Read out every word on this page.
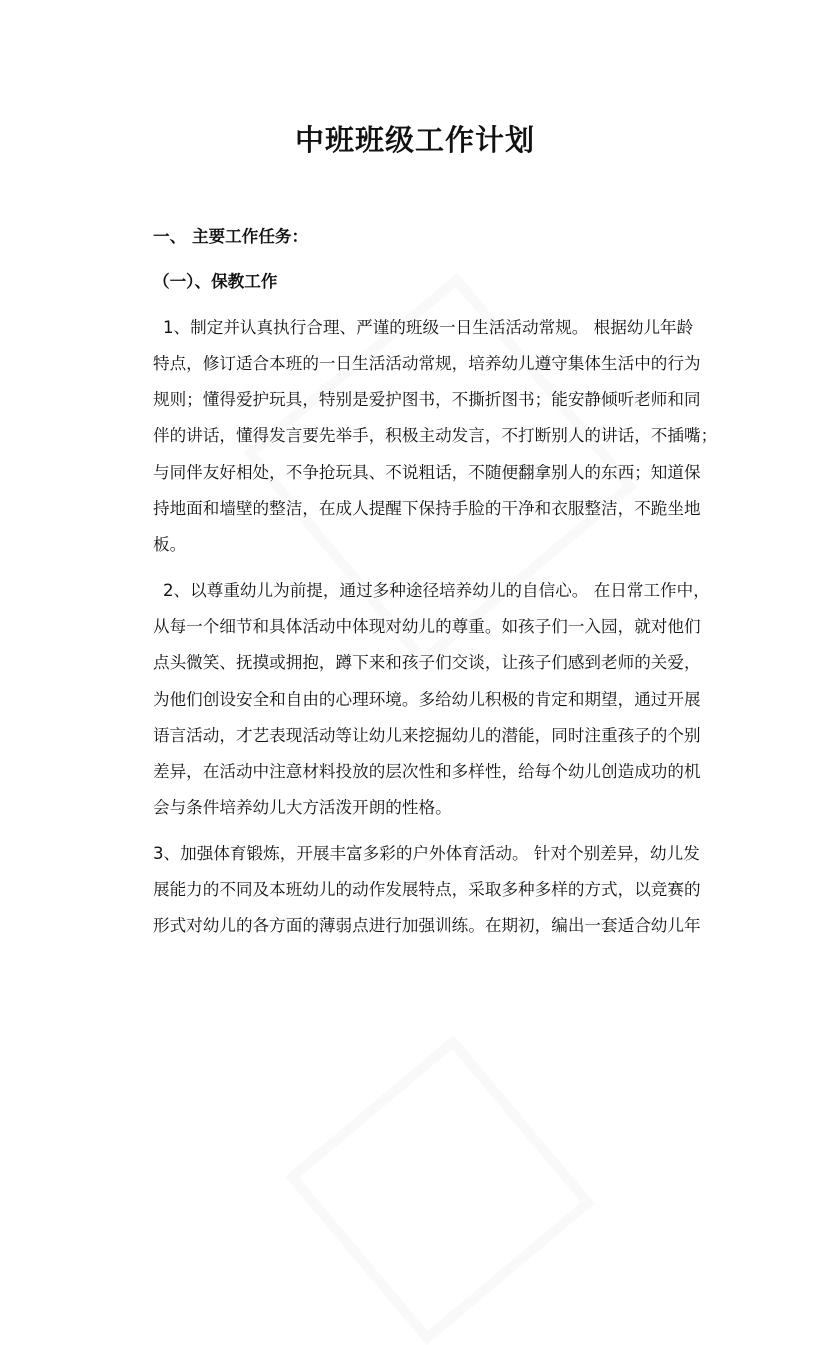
中班班级工作计划
一、 主要工作任务：
（一）、保教工作
1、制定并认真执行合理、严谨的班级一日生活活动常规。 根据幼儿年龄
特点，修订适合本班的一日生活活动常规，培养幼儿遵守集体生活中的行为
规则；懂得爱护玩具，特别是爱护图书，不撕折图书；能安静倾听老师和同
伴的讲话，懂得发言要先举手，积极主动发言，不打断别人的讲话，不插嘴；
与同伴友好相处，不争抢玩具、不说粗话，不随便翻拿别人的东西；知道保
持地面和墙壁的整洁，在成人提醒下保持手脸的干净和衣服整洁，不跪坐地
板。
2、以尊重幼儿为前提，通过多种途径培养幼儿的自信心。 在日常工作中，
从每一个细节和具体活动中体现对幼儿的尊重。如孩子们一入园，就对他们
点头微笑、抚摸或拥抱，蹲下来和孩子们交谈，让孩子们感到老师的关爱，
为他们创设安全和自由的心理环境。多给幼儿积极的肯定和期望，通过开展
语言活动，才艺表现活动等让幼儿来挖掘幼儿的潜能，同时注重孩子的个别
差异，在活动中注意材料投放的层次性和多样性，给每个幼儿创造成功的机
会与条件培养幼儿大方活泼开朗的性格。
3、加强体育锻炼，开展丰富多彩的户外体育活动。 针对个别差异，幼儿发
展能力的不同及本班幼儿的动作发展特点，采取多种多样的方式，以竞赛的
形式对幼儿的各方面的薄弱点进行加强训练。在期初，编出一套适合幼儿年
